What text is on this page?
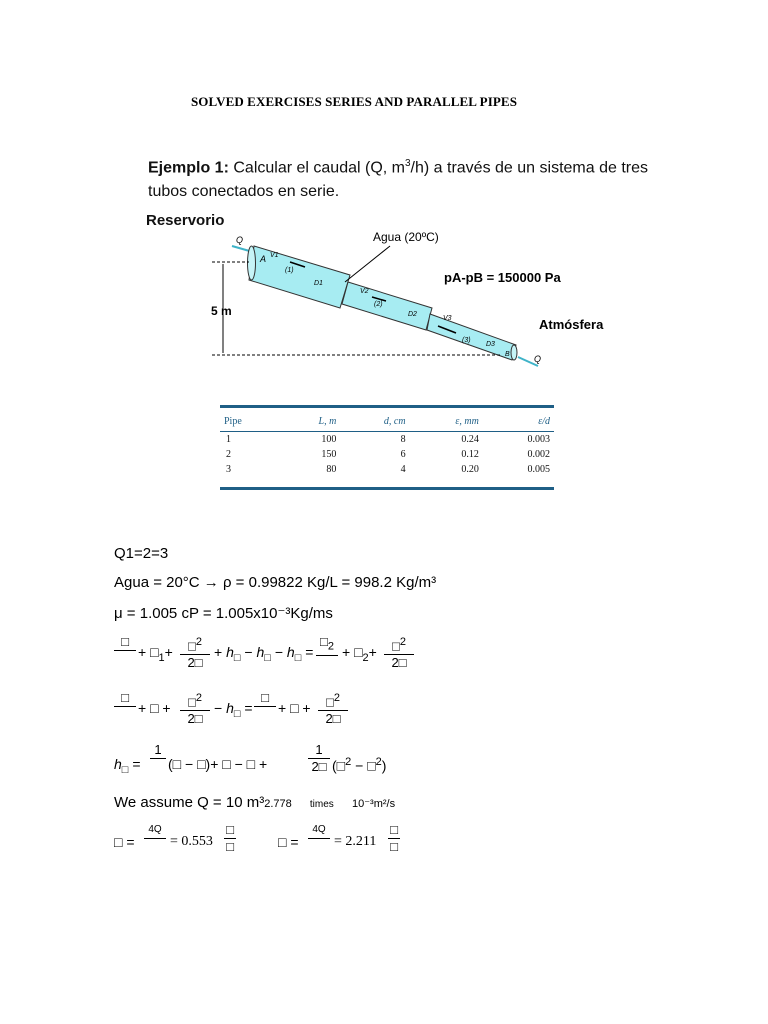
SOLVED EXERCISES SERIES AND PARALLEL PIPES
Ejemplo 1: Calcular el caudal (Q, $m^3/h$) a través de un sistema de tres
tubos conectados en serie.
Reservorio
Q
Q
A V1
(1)
D1
V2
(2)
D2
V3
(3)
D3
B
Agua (20ºC)
pA-pB = 150000 Pa
Atmósfera
5 m
Pipe	L, m	d, cm	ε, mm	ε/d
1	100	8	0.24	0.003
2	150	6	0.12	0.002
3	80	4	0.20	0.005
Q1=2=3
Agua = 20°C → ρ = 0.99822 Kg/L = 998.2 Kg/m³
μ = 1.005 cP = 1.005x10⁻³Kg/ms
□

+ $□_1+ \frac{□^2}{2□} + h_□ - h_□ - h_□$ =
$□_2$
+ $□_2+ \frac{□^2}{2□}$
□

+ □ + $\frac{□^2}{2□} - h_□$ =
□

+ □ + $\frac{□^2}{2□}$
$h_□$ =
1

(□ − □)+ □ − □ +	$\frac{1}{2□}$ (□$^2$ − □$^2$)
We assume Q = 10 m³2.778 times 10⁻³m²/s
□ =
4Q

= 0.553
□
□	□ =
4Q

= 2.211
□
□
